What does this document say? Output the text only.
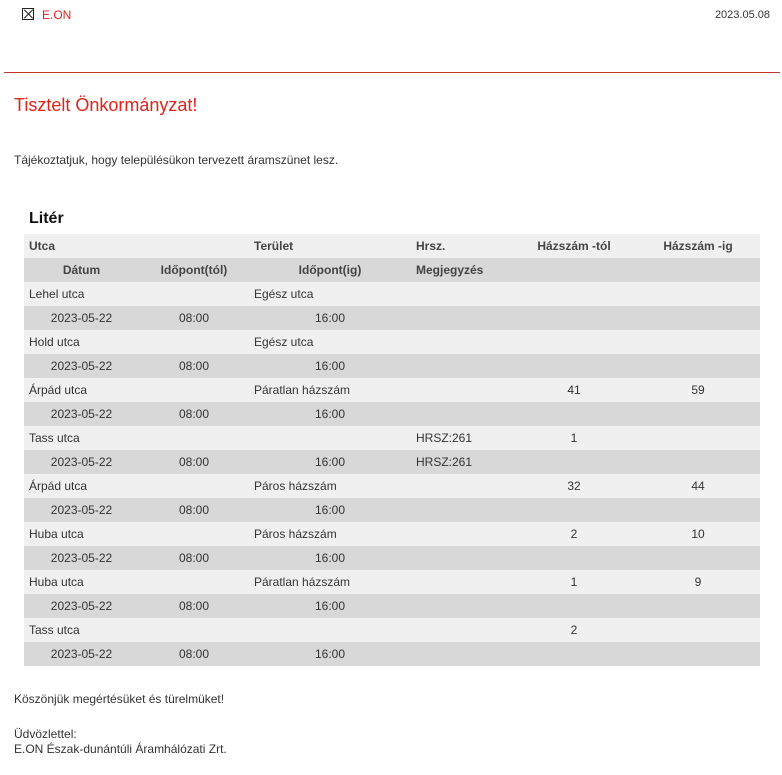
E.ON	2023.05.08
Tisztelt Önkormányzat!
Tájékoztatjuk, hogy településükon tervezett áramszünet lesz.
Litér
Utca		Terület	Hrsz.	Házszám -tól	Házszám -ig
Dátum	Időpont(tól)	Időpont(ig)	Megjegyzés		
Lehel utca		Egész utca			
2023-05-22	08:00	16:00			
Hold utca		Egész utca			
2023-05-22	08:00	16:00			
Árpád utca		Páratlan házszám		41	59
2023-05-22	08:00	16:00			
Tass utca			HRSZ:261	1	
2023-05-22	08:00	16:00	HRSZ:261		
Árpád utca		Páros házszám		32	44
2023-05-22	08:00	16:00			
Huba utca		Páros házszám		2	10
2023-05-22	08:00	16:00			
Huba utca		Páratlan házszám		1	9
2023-05-22	08:00	16:00			
Tass utca				2	
2023-05-22	08:00	16:00			
Köszönjük megértésüket és türelmüket!
Üdvözlettel:
E.ON Észak-dunántúli Áramhálózati Zrt.
